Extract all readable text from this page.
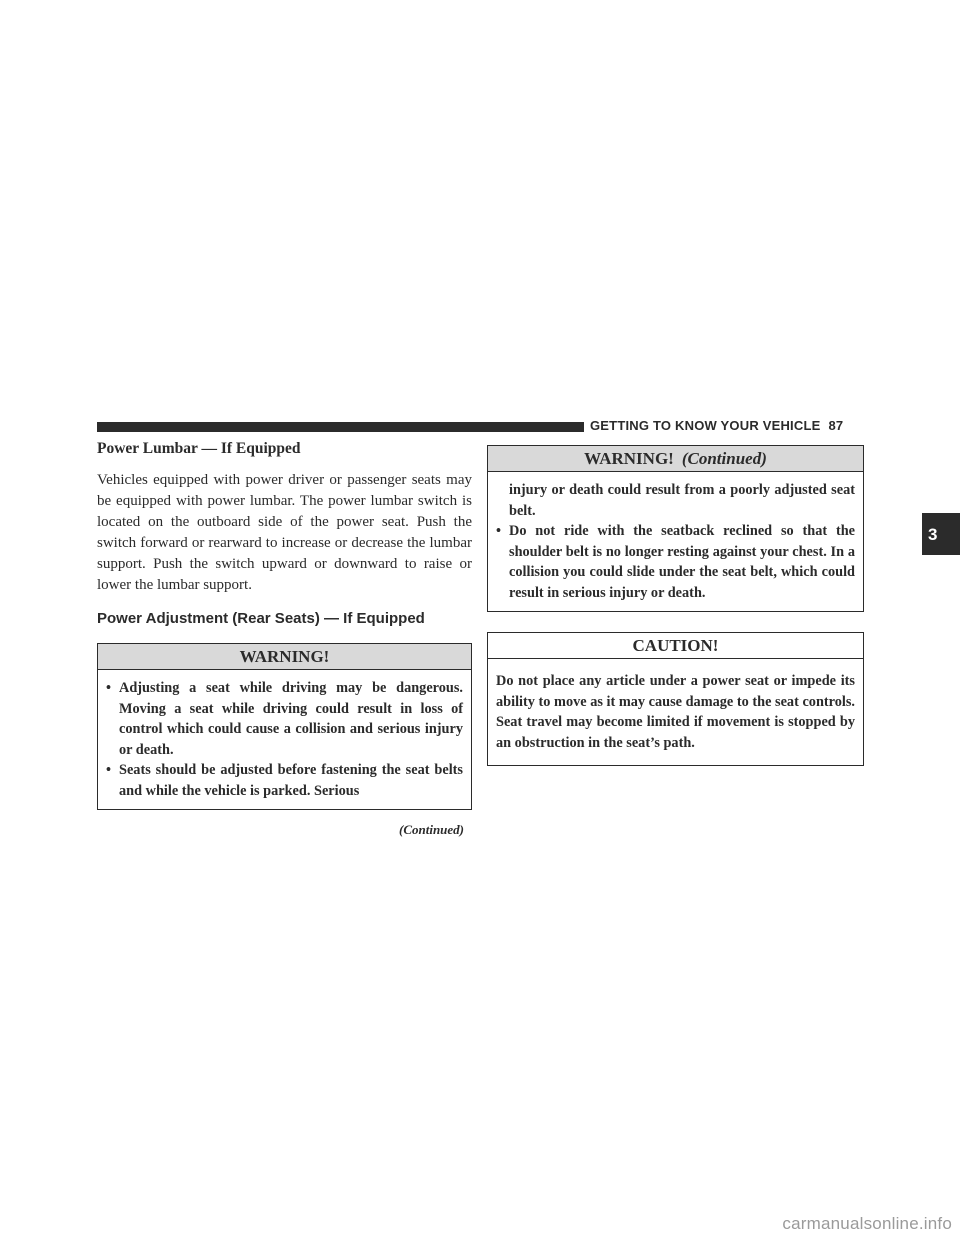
GETTING TO KNOW YOUR VEHICLE 87
3
Power Lumbar — If Equipped

Vehicles equipped with power driver or passenger seats may be equipped with power lumbar. The power lumbar switch is located on the outboard side of the power seat. Push the switch forward or rearward to increase or decrease the lumbar support. Push the switch upward or downward to raise or lower the lumbar support.

Power Adjustment (Rear Seats) — If Equipped
WARNING!
• Adjusting a seat while driving may be dangerous. Moving a seat while driving could result in loss of control which could cause a collision and serious injury or death.
• Seats should be adjusted before fastening the seat belts and while the vehicle is parked. Serious
(Continued)
WARNING! (Continued)
injury or death could result from a poorly adjusted seat belt.
• Do not ride with the seatback reclined so that the shoulder belt is no longer resting against your chest. In a collision you could slide under the seat belt, which could result in serious injury or death.
CAUTION!
Do not place any article under a power seat or impede its ability to move as it may cause damage to the seat controls. Seat travel may become limited if movement is stopped by an obstruction in the seat’s path.
carmanualsonline.info
